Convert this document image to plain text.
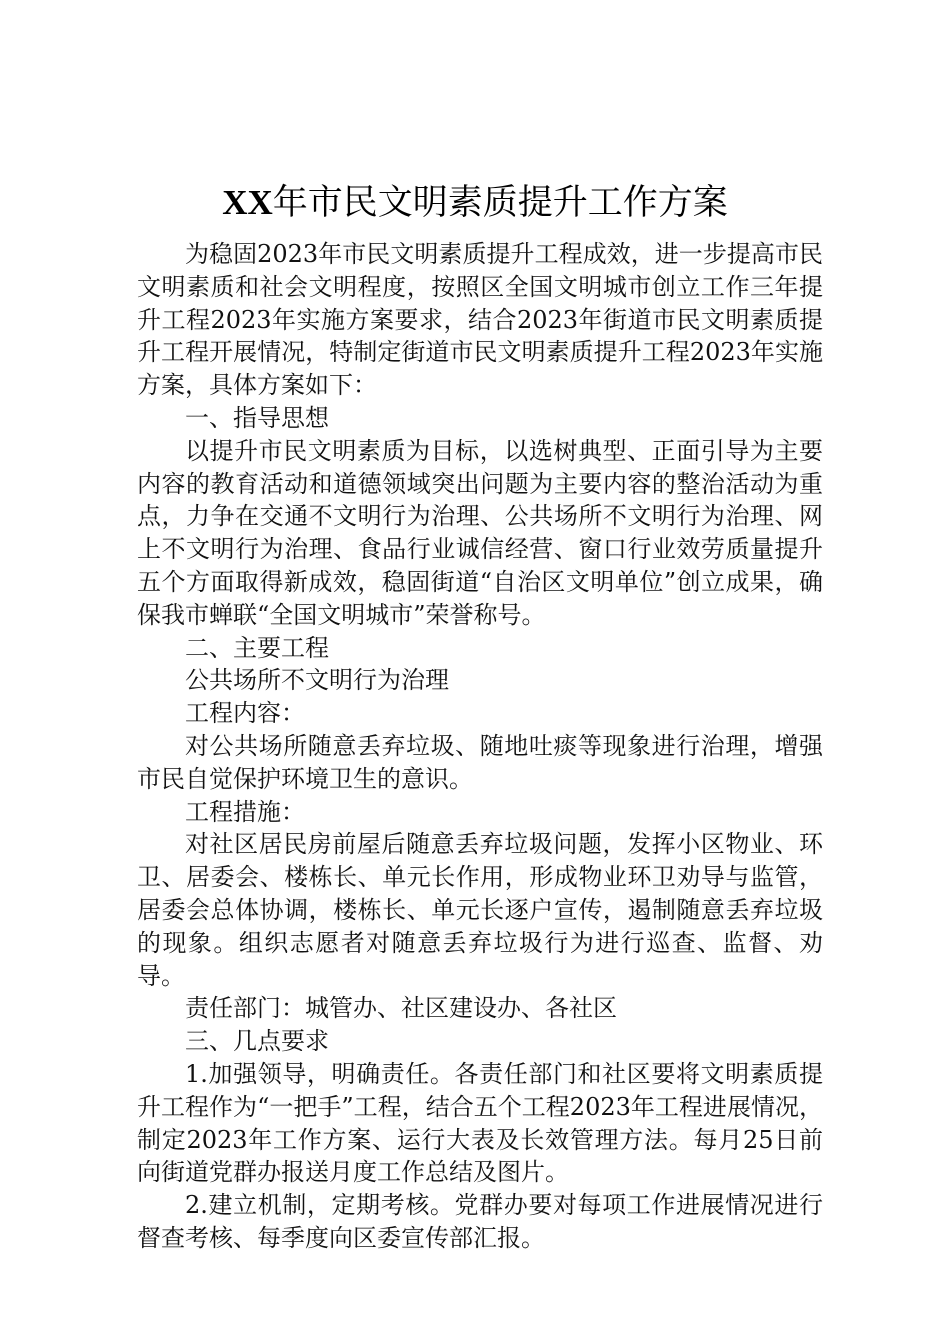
XX年市民文明素质提升工作方案

为稳固2023年市民文明素质提升工程成效，进一步提高市民文明素质和社会文明程度，按照区全国文明城市创立工作三年提升工程2023年实施方案要求，结合2023年街道市民文明素质提升工程开展情况，特制定街道市民文明素质提升工程2023年实施方案，具体方案如下：

一、指导思想

以提升市民文明素质为目标，以选树典型、正面引导为主要内容的教育活动和道德领域突出问题为主要内容的整治活动为重点，力争在交通不文明行为治理、公共场所不文明行为治理、网上不文明行为治理、食品行业诚信经营、窗口行业效劳质量提升五个方面取得新成效，稳固街道“自治区文明单位”创立成果，确保我市蝉联“全国文明城市”荣誉称号。

二、主要工程

公共场所不文明行为治理

工程内容：

对公共场所随意丢弃垃圾、随地吐痰等现象进行治理，增强市民自觉保护环境卫生的意识。

工程措施：

对社区居民房前屋后随意丢弃垃圾问题，发挥小区物业、环卫、居委会、楼栋长、单元长作用，形成物业环卫劝导与监管，居委会总体协调，楼栋长、单元长逐户宣传，遏制随意丢弃垃圾的现象。组织志愿者对随意丢弃垃圾行为进行巡查、监督、劝导。

责任部门：城管办、社区建设办、各社区

三、几点要求

1.加强领导，明确责任。各责任部门和社区要将文明素质提升工程作为“一把手”工程，结合五个工程2023年工程进展情况，制定2023年工作方案、运行大表及长效管理方法。每月25日前向街道党群办报送月度工作总结及图片。

2.建立机制，定期考核。党群办要对每项工作进展情况进行督查考核、每季度向区委宣传部汇报。
